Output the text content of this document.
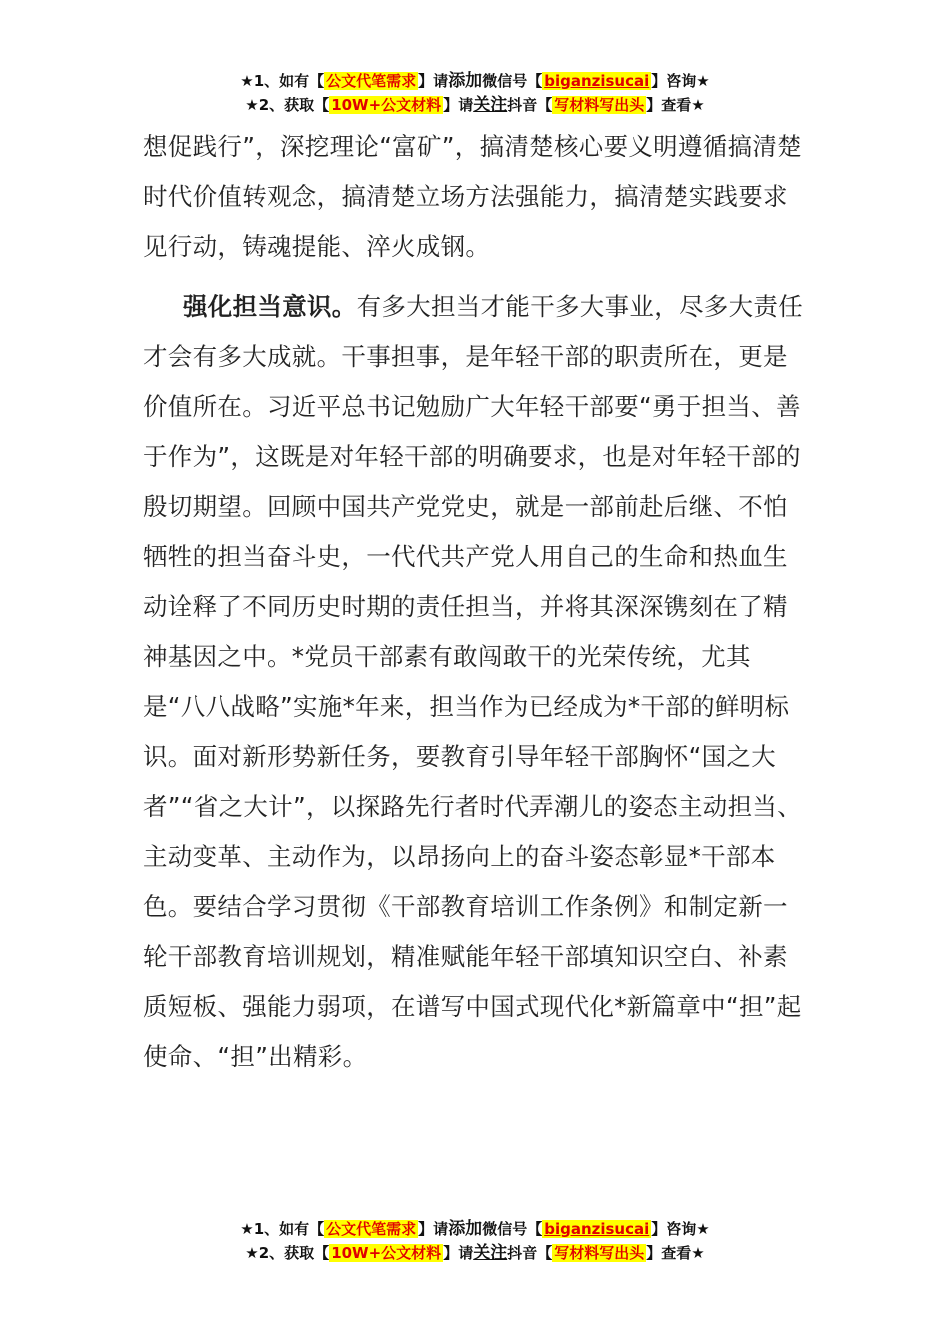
★1、如有【 公文代笔需求 】请添加微信号【 biganzisucai 】咨询★
★2、获取【 10W+公文材料 】请关注抖音【 写材料写出头 】查看★

想促践行”，深挖理论“富矿”，搞清楚核心要义明遵循搞清楚时代价值转观念，搞清楚立场方法强能力，搞清楚实践要求见行动，铸魂提能、淬火成钢。

强化担当意识。有多大担当才能干多大事业，尽多大责任才会有多大成就。干事担事，是年轻干部的职责所在，更是价值所在。习近平总书记勉励广大年轻干部要“勇于担当、善于作为”，这既是对年轻干部的明确要求，也是对年轻干部的殷切期望。回顾中国共产党党史，就是一部前赴后继、不怕牺牲的担当奋斗史，一代代共产党人用自己的生命和热血生动诠释了不同历史时期的责任担当，并将其深深镌刻在了精神基因之中。*党员干部素有敢闯敢干的光荣传统，尤其是“八八战略”实施*年来，担当作为已经成为*干部的鲜明标识。面对新形势新任务，要教育引导年轻干部胸怀“国之大者”“省之大计”，以探路先行者时代弄潮儿的姿态主动担当、主动变革、主动作为，以昂扬向上的奋斗姿态彰显*干部本色。要结合学习贯彻《干部教育培训工作条例》和制定新一轮干部教育培训规划，精准赋能年轻干部填知识空白、补素质短板、强能力弱项，在谱写中国式现代化*新篇章中“担”起使命、“担”出精彩。

★1、如有【 公文代笔需求 】请添加微信号【 biganzisucai 】咨询★
★2、获取【 10W+公文材料 】请关注抖音【 写材料写出头 】查看★
